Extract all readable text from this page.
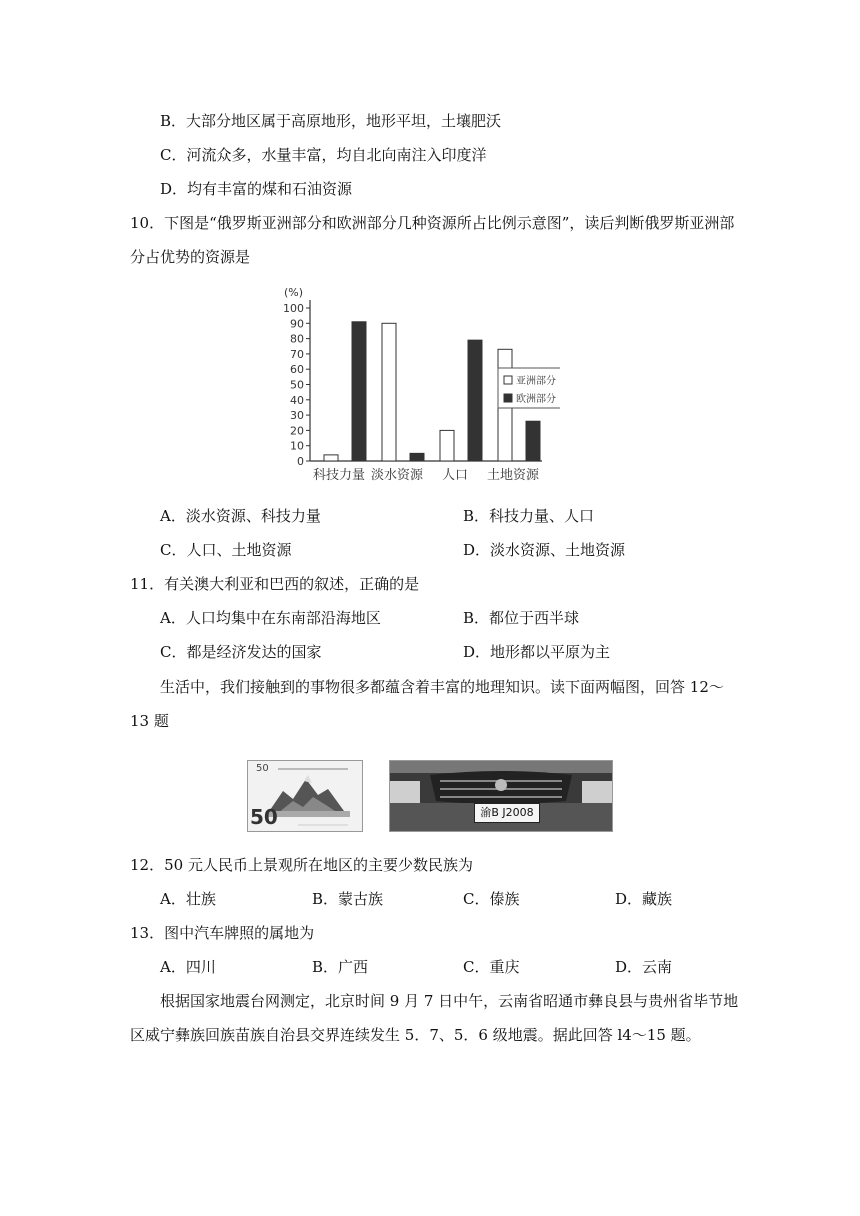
B．大部分地区属于高原地形，地形平坦，土壤肥沃
C．河流众多，水量丰富，均自北向南注入印度洋
D．均有丰富的煤和石油资源
10．下图是“俄罗斯亚洲部分和欧洲部分几种资源所占比例示意图”，读后判断俄罗斯亚洲部
分占优势的资源是
(%)
100
90
80
70
60
50
40
30
20
10
0
科技力量 淡水资源 人口 土地资源
亚洲部分
欧洲部分
A．淡水资源、科技力量	B．科技力量、人口
C．人口、土地资源	D．淡水资源、土地资源
11．有关澳大利亚和巴西的叙述，正确的是
A．人口均集中在东南部沿海地区	B．都位于西半球
C．都是经济发达的国家	D．地形都以平原为主
生活中，我们接触到的事物很多都蕴含着丰富的地理知识。读下面两幅图，回答 12～
13 题
50
50
渝B J2008
12．50 元人民币上景观所在地区的主要少数民族为
A．壮族	B．蒙古族	C．傣族	D．藏族
13．图中汽车牌照的属地为
A．四川	B．广西	C．重庆	D．云南
根据国家地震台网测定，北京时间 9 月 7 日中午，云南省昭通市彝良县与贵州省毕节地
区威宁彝族回族苗族自治县交界连续发生 5．7、5．6 级地震。据此回答 l4～15 题。
